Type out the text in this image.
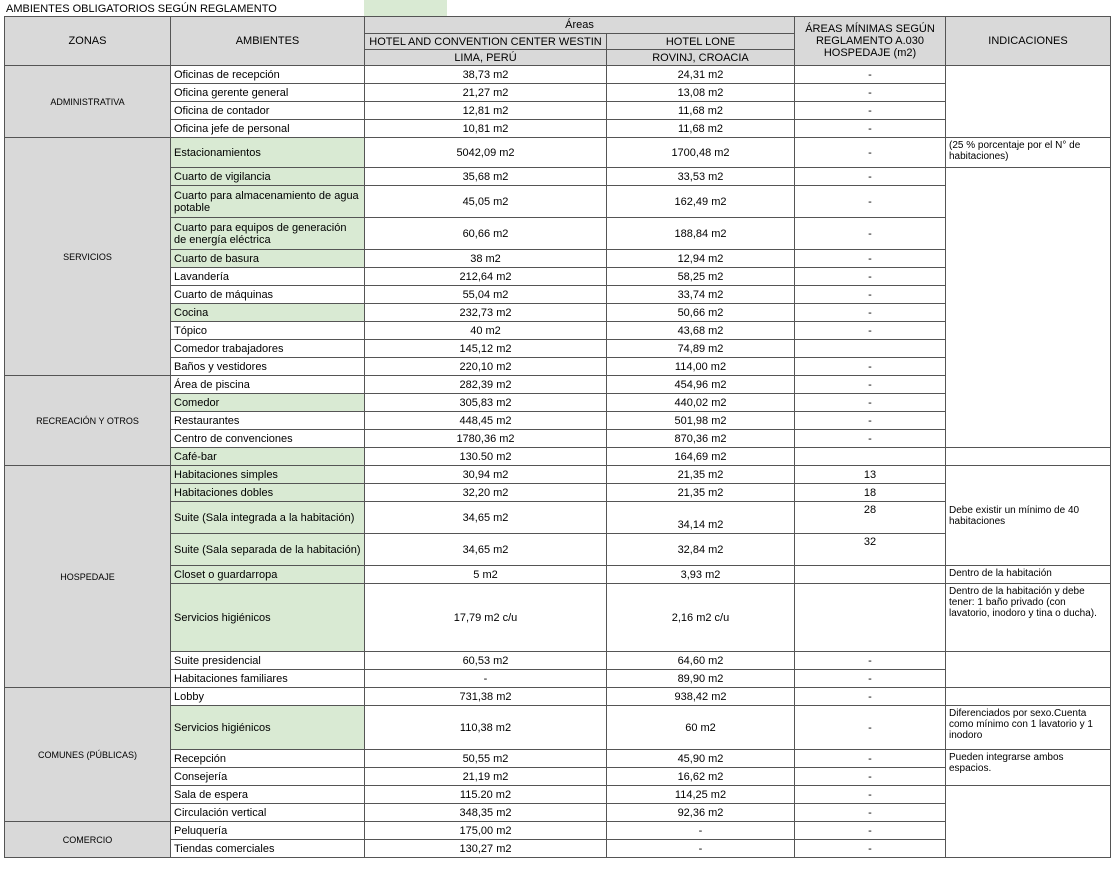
AMBIENTES OBLIGATORIOS SEGÚN REGLAMENTO
ZONAS	AMBIENTES	Áreas		ÁREAS MÍNIMAS SEGÚN REGLAMENTO A.030 HOSPEDAJE (m2)	INDICACIONES
		HOTEL AND CONVENTION CENTER WESTIN	HOTEL LONE		
		LIMA, PERÚ	ROVINJ, CROACIA		
ADMINISTRATIVA	Oficinas de recepción	38,73 m2	24,31 m2	-	
	Oficina gerente general	21,27 m2	13,08 m2	-	
	Oficina de contador	12,81 m2	11,68 m2	-	
	Oficina jefe de personal	10,81 m2	11,68 m2	-	
SERVICIOS	Estacionamientos	5042,09 m2	1700,48 m2	-	(25 % porcentaje por el N° de habitaciones)
	Cuarto de vigilancia	35,68 m2	33,53 m2	-	
	Cuarto para almacenamiento de agua potable	45,05 m2	162,49 m2	-	
	Cuarto para equipos de generación de energía eléctrica	60,66 m2	188,84 m2	-	
	Cuarto de basura	38 m2	12,94 m2	-	
	Lavandería	212,64 m2	58,25 m2	-	
	Cuarto de máquinas	55,04 m2	33,74 m2	-	
	Cocina	232,73 m2	50,66 m2	-	
	Tópico	40 m2	43,68 m2	-	
	Comedor trabajadores	145,12 m2	74,89 m2		
	Baños y vestidores	220,10 m2	114,00 m2	-	
RECREACIÓN Y OTROS	Área de piscina	282,39 m2	454,96 m2	-	
	Comedor	305,83 m2	440,02 m2	-	
	Restaurantes	448,45 m2	501,98 m2	-	
	Centro de convenciones	1780,36 m2	870,36 m2	-	
	Café-bar	130.50 m2	164,69 m2		
HOSPEDAJE	Habitaciones simples	30,94 m2	21,35 m2	13	Debe existir un mínimo de 40 habitaciones
	Habitaciones dobles	32,20 m2	21,35 m2	18	
	Suite (Sala integrada a la habitación)	34,65 m2	34,14 m2	28	
	Suite (Sala separada de la habitación)	34,65 m2	32,84 m2	32	
	Closet o guardarropa	5 m2	3,93 m2		Dentro de la habitación
	Servicios higiénicos	17,79 m2 c/u	2,16 m2 c/u		Dentro de la habitación y debe tener: 1 baño privado (con lavatorio, inodoro y tina o ducha).
	Suite presidencial	60,53 m2	64,60 m2	-	
	Habitaciones familiares	-	89,90 m2	-	
COMUNES (PÚBLICAS)	Lobby	731,38 m2	938,42 m2	-	
	Servicios higiénicos	110,38 m2	60 m2	-	Diferenciados por sexo.Cuenta como mínimo con 1 lavatorio y 1 inodoro
	Recepción	50,55 m2	45,90 m2	-	Pueden integrarse ambos espacios.
	Consejería	21,19 m2	16,62 m2	-	
	Sala de espera	115.20 m2	114,25 m2	-	
	Circulación vertical	348,35 m2	92,36 m2	-	
COMERCIO	Peluquería	175,00 m2	-	-	
	Tiendas comerciales	130,27 m2	-	-	
